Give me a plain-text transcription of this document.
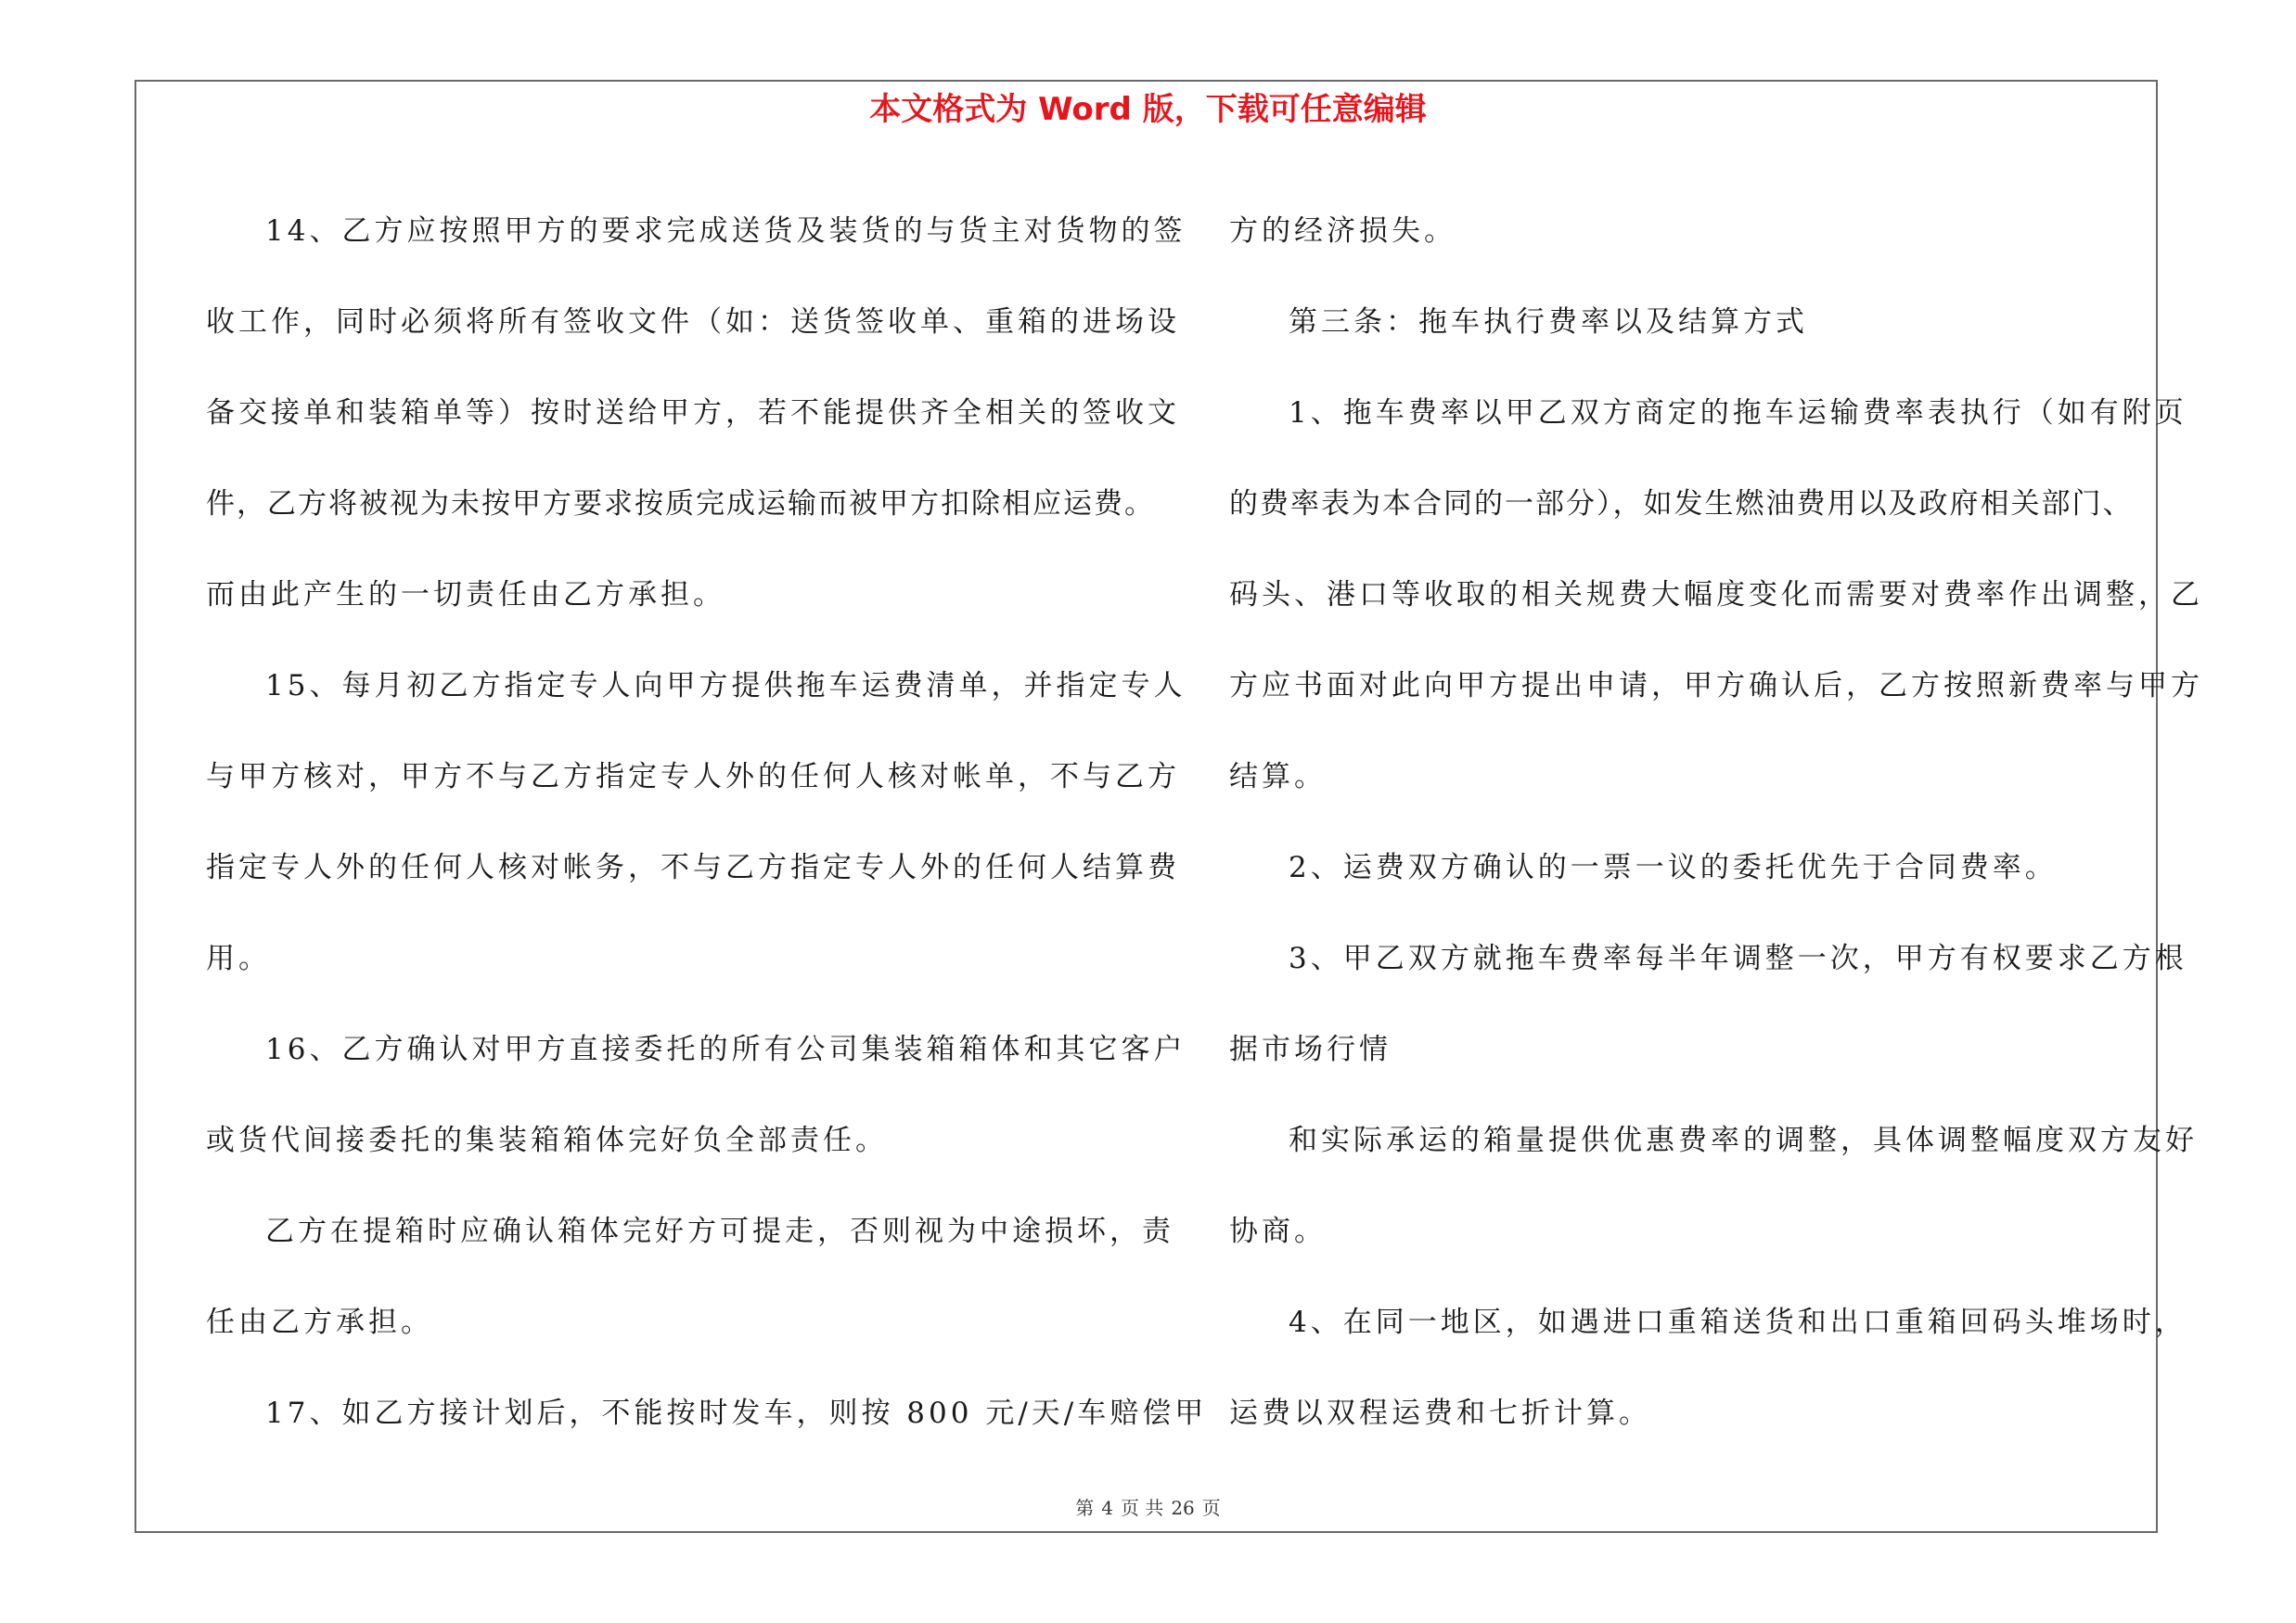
本文格式为 Word 版，下载可任意编辑
14、乙方应按照甲方的要求完成送货及装货的与货主对货物的签
收工作，同时必须将所有签收文件（如：送货签收单、重箱的进场设
备交接单和装箱单等）按时送给甲方，若不能提供齐全相关的签收文
件，乙方将被视为未按甲方要求按质完成运输而被甲方扣除相应运费。
而由此产生的一切责任由乙方承担。
15、每月初乙方指定专人向甲方提供拖车运费清单，并指定专人
与甲方核对，甲方不与乙方指定专人外的任何人核对帐单，不与乙方
指定专人外的任何人核对帐务，不与乙方指定专人外的任何人结算费
用。
16、乙方确认对甲方直接委托的所有公司集装箱箱体和其它客户
或货代间接委托的集装箱箱体完好负全部责任。
乙方在提箱时应确认箱体完好方可提走，否则视为中途损坏，责
任由乙方承担。
17、如乙方接计划后，不能按时发车，则按 800 元/天/车赔偿甲
方的经济损失。
第三条：拖车执行费率以及结算方式
1、拖车费率以甲乙双方商定的拖车运输费率表执行（如有附页
的费率表为本合同的一部分），如发生燃油费用以及政府相关部门、
码头、港口等收取的相关规费大幅度变化而需要对费率作出调整，乙
方应书面对此向甲方提出申请，甲方确认后，乙方按照新费率与甲方
结算。
2、运费双方确认的一票一议的委托优先于合同费率。
3、甲乙双方就拖车费率每半年调整一次，甲方有权要求乙方根
据市场行情
和实际承运的箱量提供优惠费率的调整，具体调整幅度双方友好
协商。
4、在同一地区，如遇进口重箱送货和出口重箱回码头堆场时，
运费以双程运费和七折计算。
第 4 页 共 26 页
